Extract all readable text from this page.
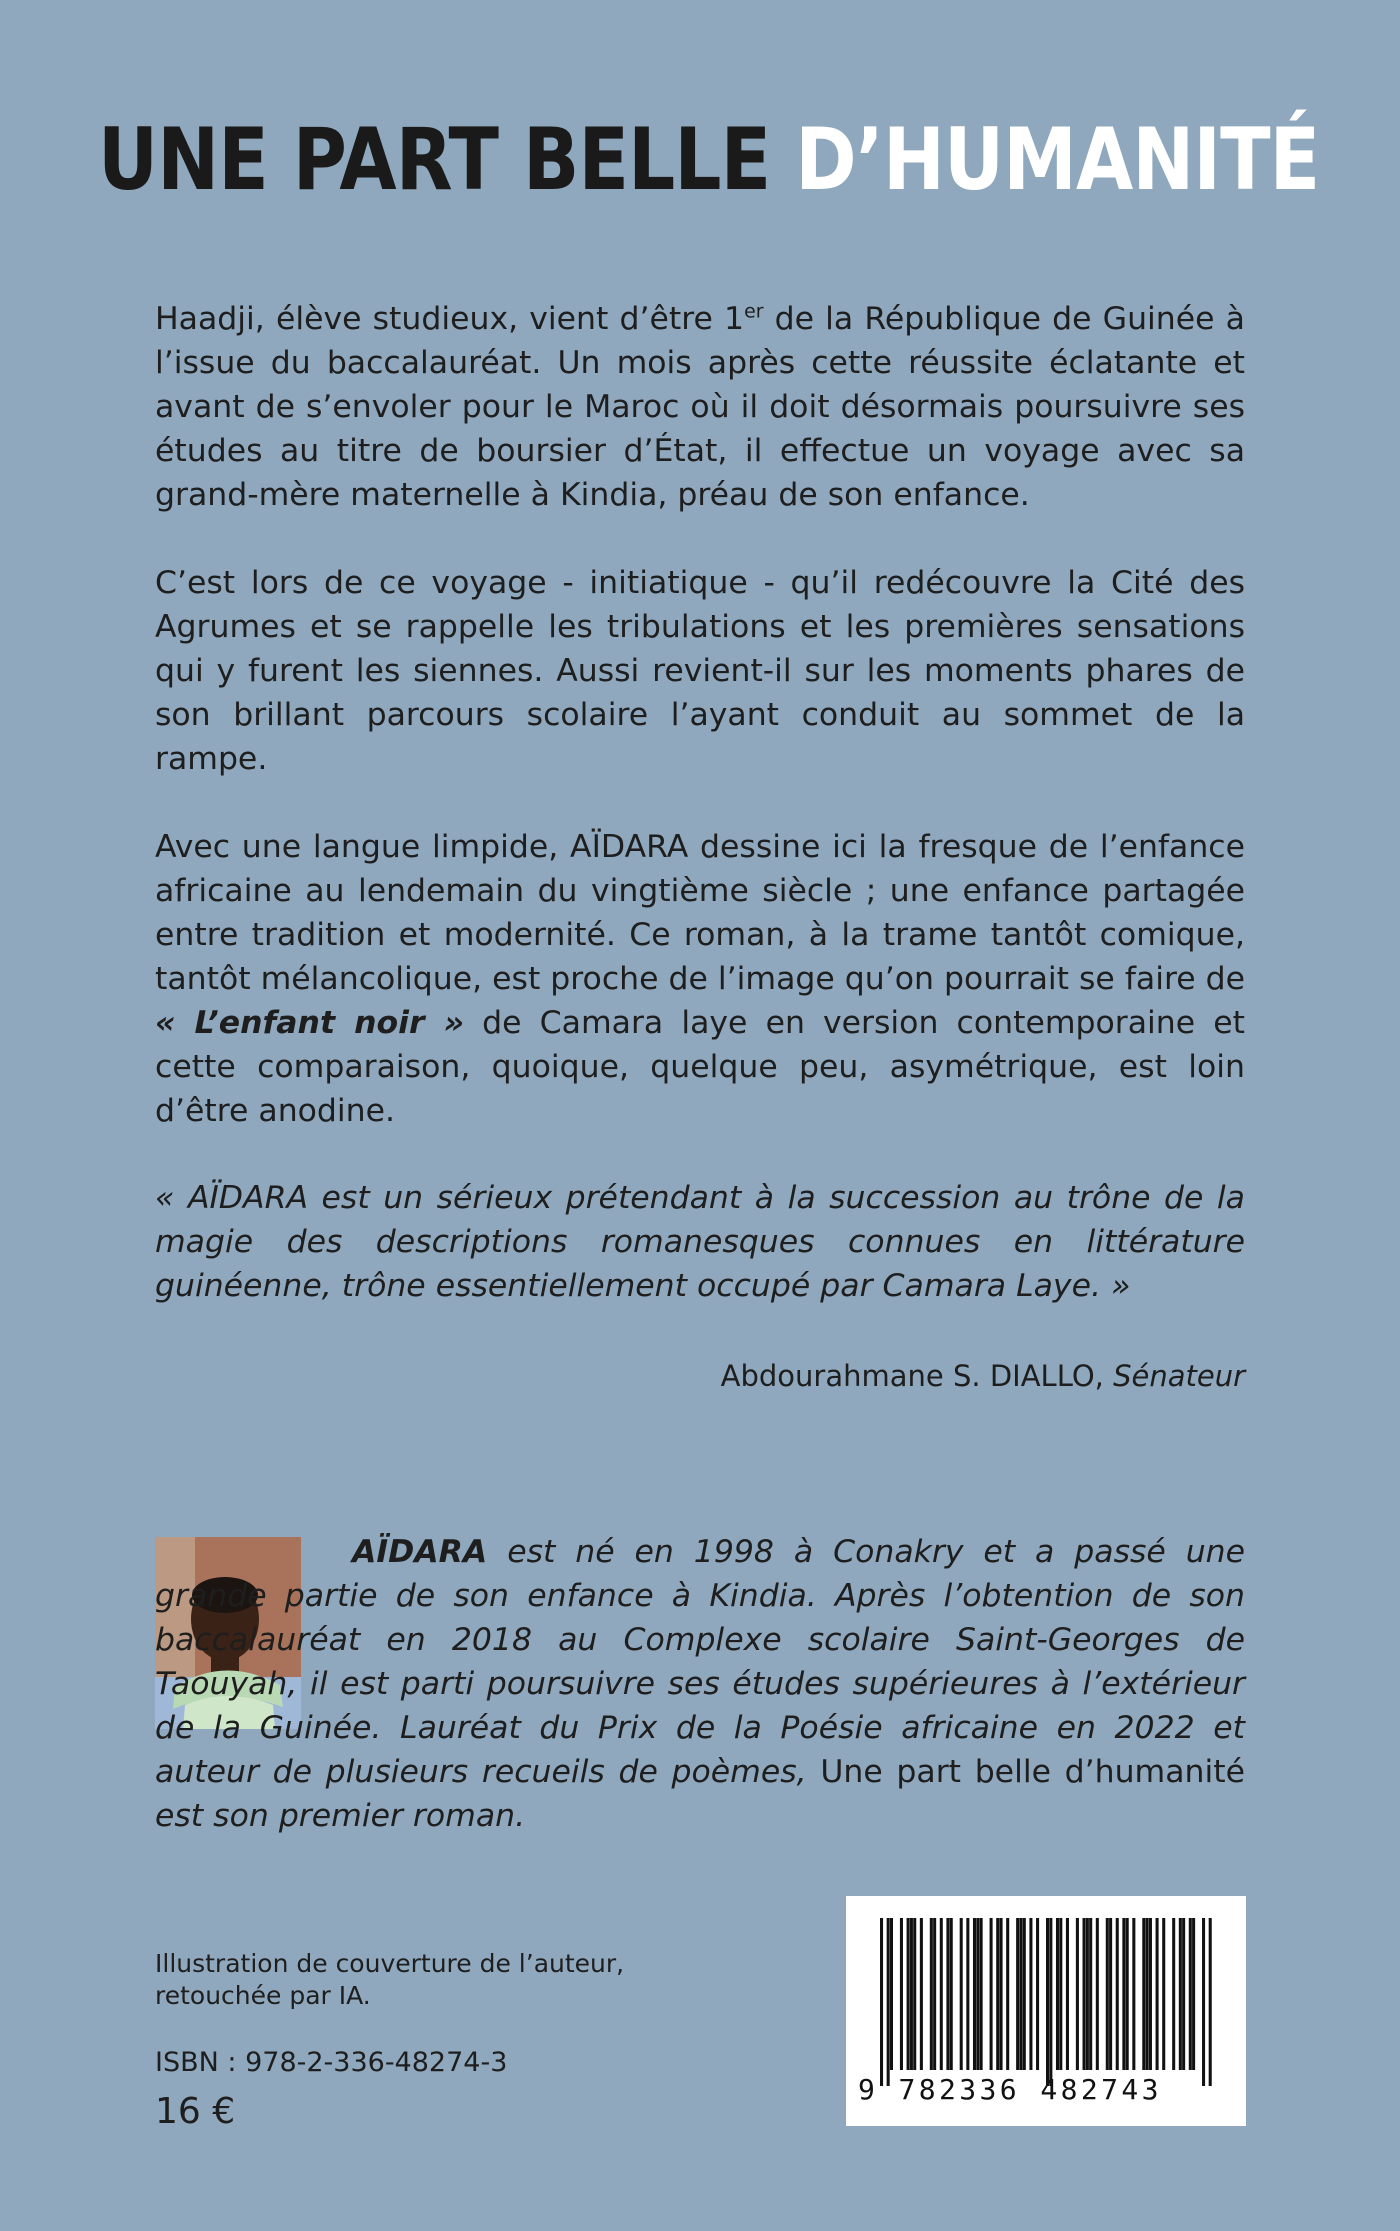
UNE PART BELLE D’HUMANITÉ
Haadji, élève studieux, vient d’être 1er de la République de Guinée à l’issue du baccalauréat. Un mois après cette réussite éclatante et avant de s’envoler pour le Maroc où il doit désormais poursuivre ses études au titre de boursier d’État, il effectue un voyage avec sa grand-mère maternelle à Kindia, préau de son enfance.
C’est lors de ce voyage - initiatique - qu’il redécouvre la Cité des Agrumes et se rappelle les tribulations et les premières sensations qui y furent les siennes. Aussi revient-il sur les moments phares de son brillant parcours scolaire l’ayant conduit au sommet de la rampe.
Avec une langue limpide, AÏDARA dessine ici la fresque de l’enfance africaine au lendemain du vingtième siècle ; une enfance partagée entre tradition et modernité. Ce roman, à la trame tantôt comique, tantôt mélancolique, est proche de l’image qu’on pourrait se faire de « L’enfant noir » de Camara laye en version contemporaine et cette comparaison, quoique, quelque peu, asymétrique, est loin d’être anodine.
« AÏDARA est un sérieux prétendant à la succession au trône de la magie des descriptions romanesques connues en littérature guinéenne, trône essentiellement occupé par Camara Laye. »
Abdourahmane S. DIALLO, Sénateur
AÏDARA est né en 1998 à Conakry et a passé une grande partie de son enfance à Kindia. Après l’obtention de son baccalauréat en 2018 au Complexe scolaire Saint-Georges de Taouyah, il est parti poursuivre ses études supérieures à l’extérieur de la Guinée. Lauréat du Prix de la Poésie africaine en 2022 et auteur de plusieurs recueils de poèmes, Une part belle d’humanité est son premier roman.
Illustration de couverture de l’auteur,
retouchée par IA.
ISBN : 978-2-336-48274-3
16 €
9 782336 482743
